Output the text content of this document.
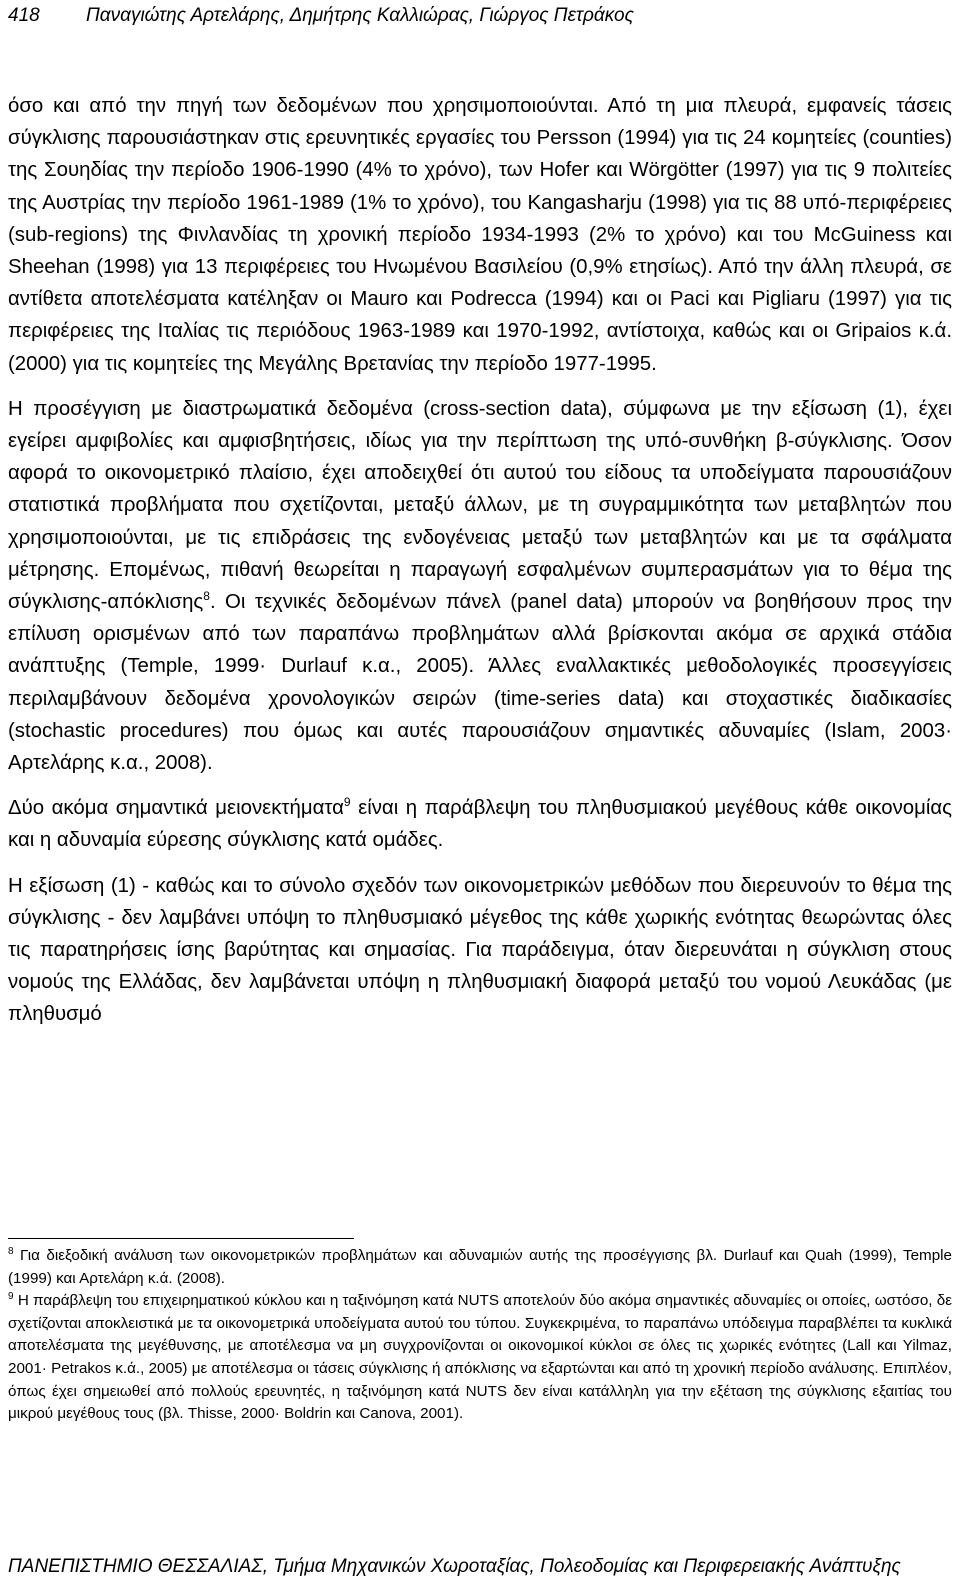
418 Παναγιώτης Αρτελάρης, Δημήτρης Καλλιώρας, Γιώργος Πετράκος

όσο και από την πηγή των δεδομένων που χρησιμοποιούνται. Από τη μια πλευρά, εμφανείς τάσεις σύγκλισης παρουσιάστηκαν στις ερευνητικές εργασίες του Persson (1994) για τις 24 κομητείες (counties) της Σουηδίας την περίοδο 1906-1990 (4% το χρόνο), των Hofer και Wörgötter (1997) για τις 9 πολιτείες της Αυστρίας την περίοδο 1961-1989 (1% το χρόνο), του Kangasharju (1998) για τις 88 υπό-περιφέρειες (sub-regions) της Φινλανδίας τη χρονική περίοδο 1934-1993 (2% το χρόνο) και του McGuiness και Sheehan (1998) για 13 περιφέρειες του Ηνωμένου Βασιλείου (0,9% ετησίως). Από την άλλη πλευρά, σε αντίθετα αποτελέσματα κατέληξαν οι Mauro και Podrecca (1994) και οι Paci και Pigliaru (1997) για τις περιφέρειες της Ιταλίας τις περιόδους 1963-1989 και 1970-1992, αντίστοιχα, καθώς και οι Gripaios κ.ά. (2000) για τις κομητείες της Μεγάλης Βρετανίας την περίοδο 1977-1995.

Η προσέγγιση με διαστρωματικά δεδομένα (cross-section data), σύμφωνα με την εξίσωση (1), έχει εγείρει αμφιβολίες και αμφισβητήσεις, ιδίως για την περίπτωση της υπό-συνθήκη β-σύγκλισης. Όσον αφορά το οικονομετρικό πλαίσιο, έχει αποδειχθεί ότι αυτού του είδους τα υποδείγματα παρουσιάζουν στατιστικά προβλήματα που σχετίζονται, μεταξύ άλλων, με τη συγραμμικότητα των μεταβλητών που χρησιμοποιούνται, με τις επιδράσεις της ενδογένειας μεταξύ των μεταβλητών και με τα σφάλματα μέτρησης. Επομένως, πιθανή θεωρείται η παραγωγή εσφαλμένων συμπερασμάτων για το θέμα της σύγκλισης-απόκλισης$^8$. Οι τεχνικές δεδομένων πάνελ (panel data) μπορούν να βοηθήσουν προς την επίλυση ορισμένων από των παραπάνω προβλημάτων αλλά βρίσκονται ακόμα σε αρχικά στάδια ανάπτυξης (Temple, 1999· Durlauf κ.α., 2005). Άλλες εναλλακτικές μεθοδολογικές προσεγγίσεις περιλαμβάνουν δεδομένα χρονολογικών σειρών (time-series data) και στοχαστικές διαδικασίες (stochastic procedures) που όμως και αυτές παρουσιάζουν σημαντικές αδυναμίες (Islam, 2003· Αρτελάρης κ.α., 2008).

Δύο ακόμα σημαντικά μειονεκτήματα$^9$ είναι η παράβλεψη του πληθυσμιακού μεγέθους κάθε οικονομίας και η αδυναμία εύρεσης σύγκλισης κατά ομάδες.

Η εξίσωση (1) - καθώς και το σύνολο σχεδόν των οικονομετρικών μεθόδων που διερευνούν το θέμα της σύγκλισης - δεν λαμβάνει υπόψη το πληθυσμιακό μέγεθος της κάθε χωρικής ενότητας θεωρώντας όλες τις παρατηρήσεις ίσης βαρύτητας και σημασίας. Για παράδειγμα, όταν διερευνάται η σύγκλιση στους νομούς της Ελλάδας, δεν λαμβάνεται υπόψη η πληθυσμιακή διαφορά μεταξύ του νομού Λευκάδας (με πληθυσμό

$^8$ Για διεξοδική ανάλυση των οικονομετρικών προβλημάτων και αδυναμιών αυτής της προσέγγισης βλ. Durlauf και Quah (1999), Temple (1999) και Αρτελάρη κ.ά. (2008).

$^9$ Η παράβλεψη του επιχειρηματικού κύκλου και η ταξινόμηση κατά NUTS αποτελούν δύο ακόμα σημαντικές αδυναμίες οι οποίες, ωστόσο, δε σχετίζονται αποκλειστικά με τα οικονομετρικά υποδείγματα αυτού του τύπου. Συγκεκριμένα, το παραπάνω υπόδειγμα παραβλέπει τα κυκλικά αποτελέσματα της μεγέθυνσης, με αποτέλεσμα να μη συγχρονίζονται οι οικονομικοί κύκλοι σε όλες τις χωρικές ενότητες (Lall και Yilmaz, 2001· Petrakos κ.ά., 2005) με αποτέλεσμα οι τάσεις σύγκλισης ή απόκλισης να εξαρτώνται και από τη χρονική περίοδο ανάλυσης. Επιπλέον, όπως έχει σημειωθεί από πολλούς ερευνητές, η ταξινόμηση κατά NUTS δεν είναι κατάλληλη για την εξέταση της σύγκλισης εξαιτίας του μικρού μεγέθους τους (βλ. Thisse, 2000· Boldrin και Canova, 2001).

ΠΑΝΕΠΙΣΤΗΜΙΟ ΘΕΣΣΑΛΙΑΣ, Τμήμα Μηχανικών Χωροταξίας, Πολεοδομίας και Περιφερειακής Ανάπτυξης
